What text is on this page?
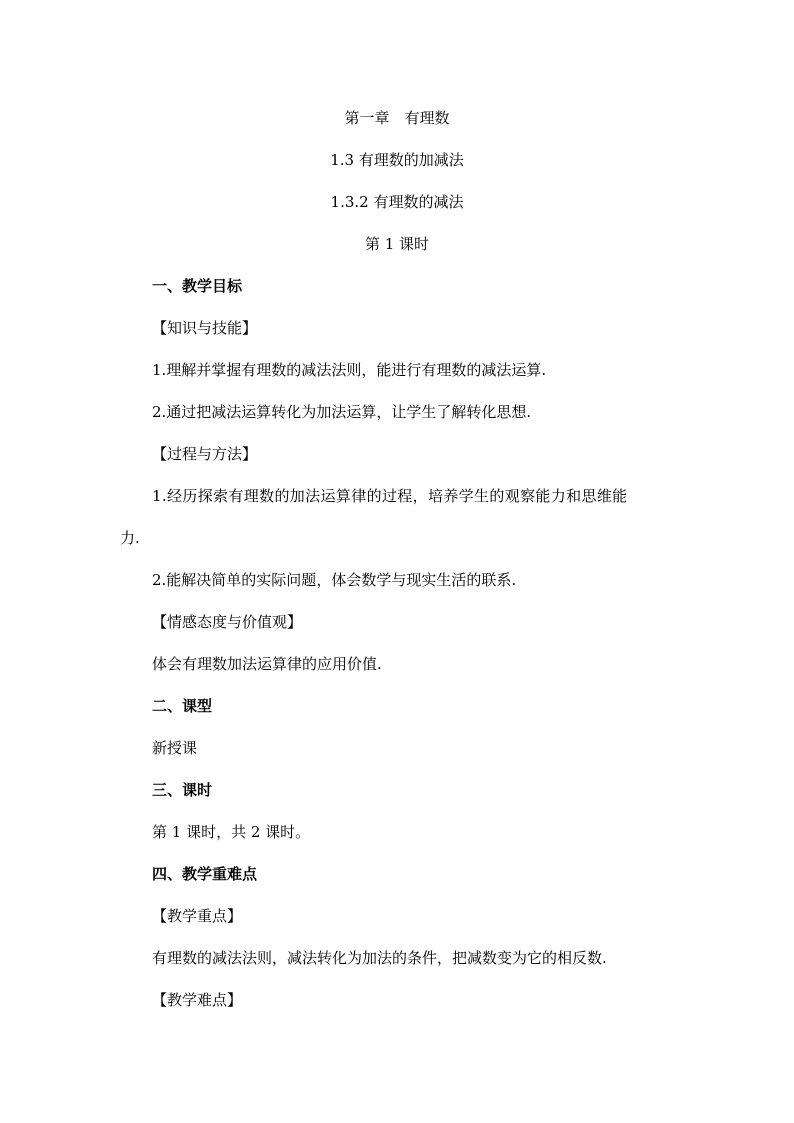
第一章　有理数
1.3 有理数的加减法
1.3.2 有理数的减法
第 1 课时
一、教学目标
【知识与技能】
1.理解并掌握有理数的减法法则，能进行有理数的减法运算.
2.通过把减法运算转化为加法运算，让学生了解转化思想.
【过程与方法】
1.经历探索有理数的加法运算律的过程，培养学生的观察能力和思维能
力.
2.能解决简单的实际问题，体会数学与现实生活的联系.
【情感态度与价值观】
体会有理数加法运算律的应用价值.
二、课型
新授课
三、课时
第 1 课时，共 2 课时。
四、教学重难点
【教学重点】
有理数的减法法则，减法转化为加法的条件，把减数变为它的相反数.
【教学难点】
